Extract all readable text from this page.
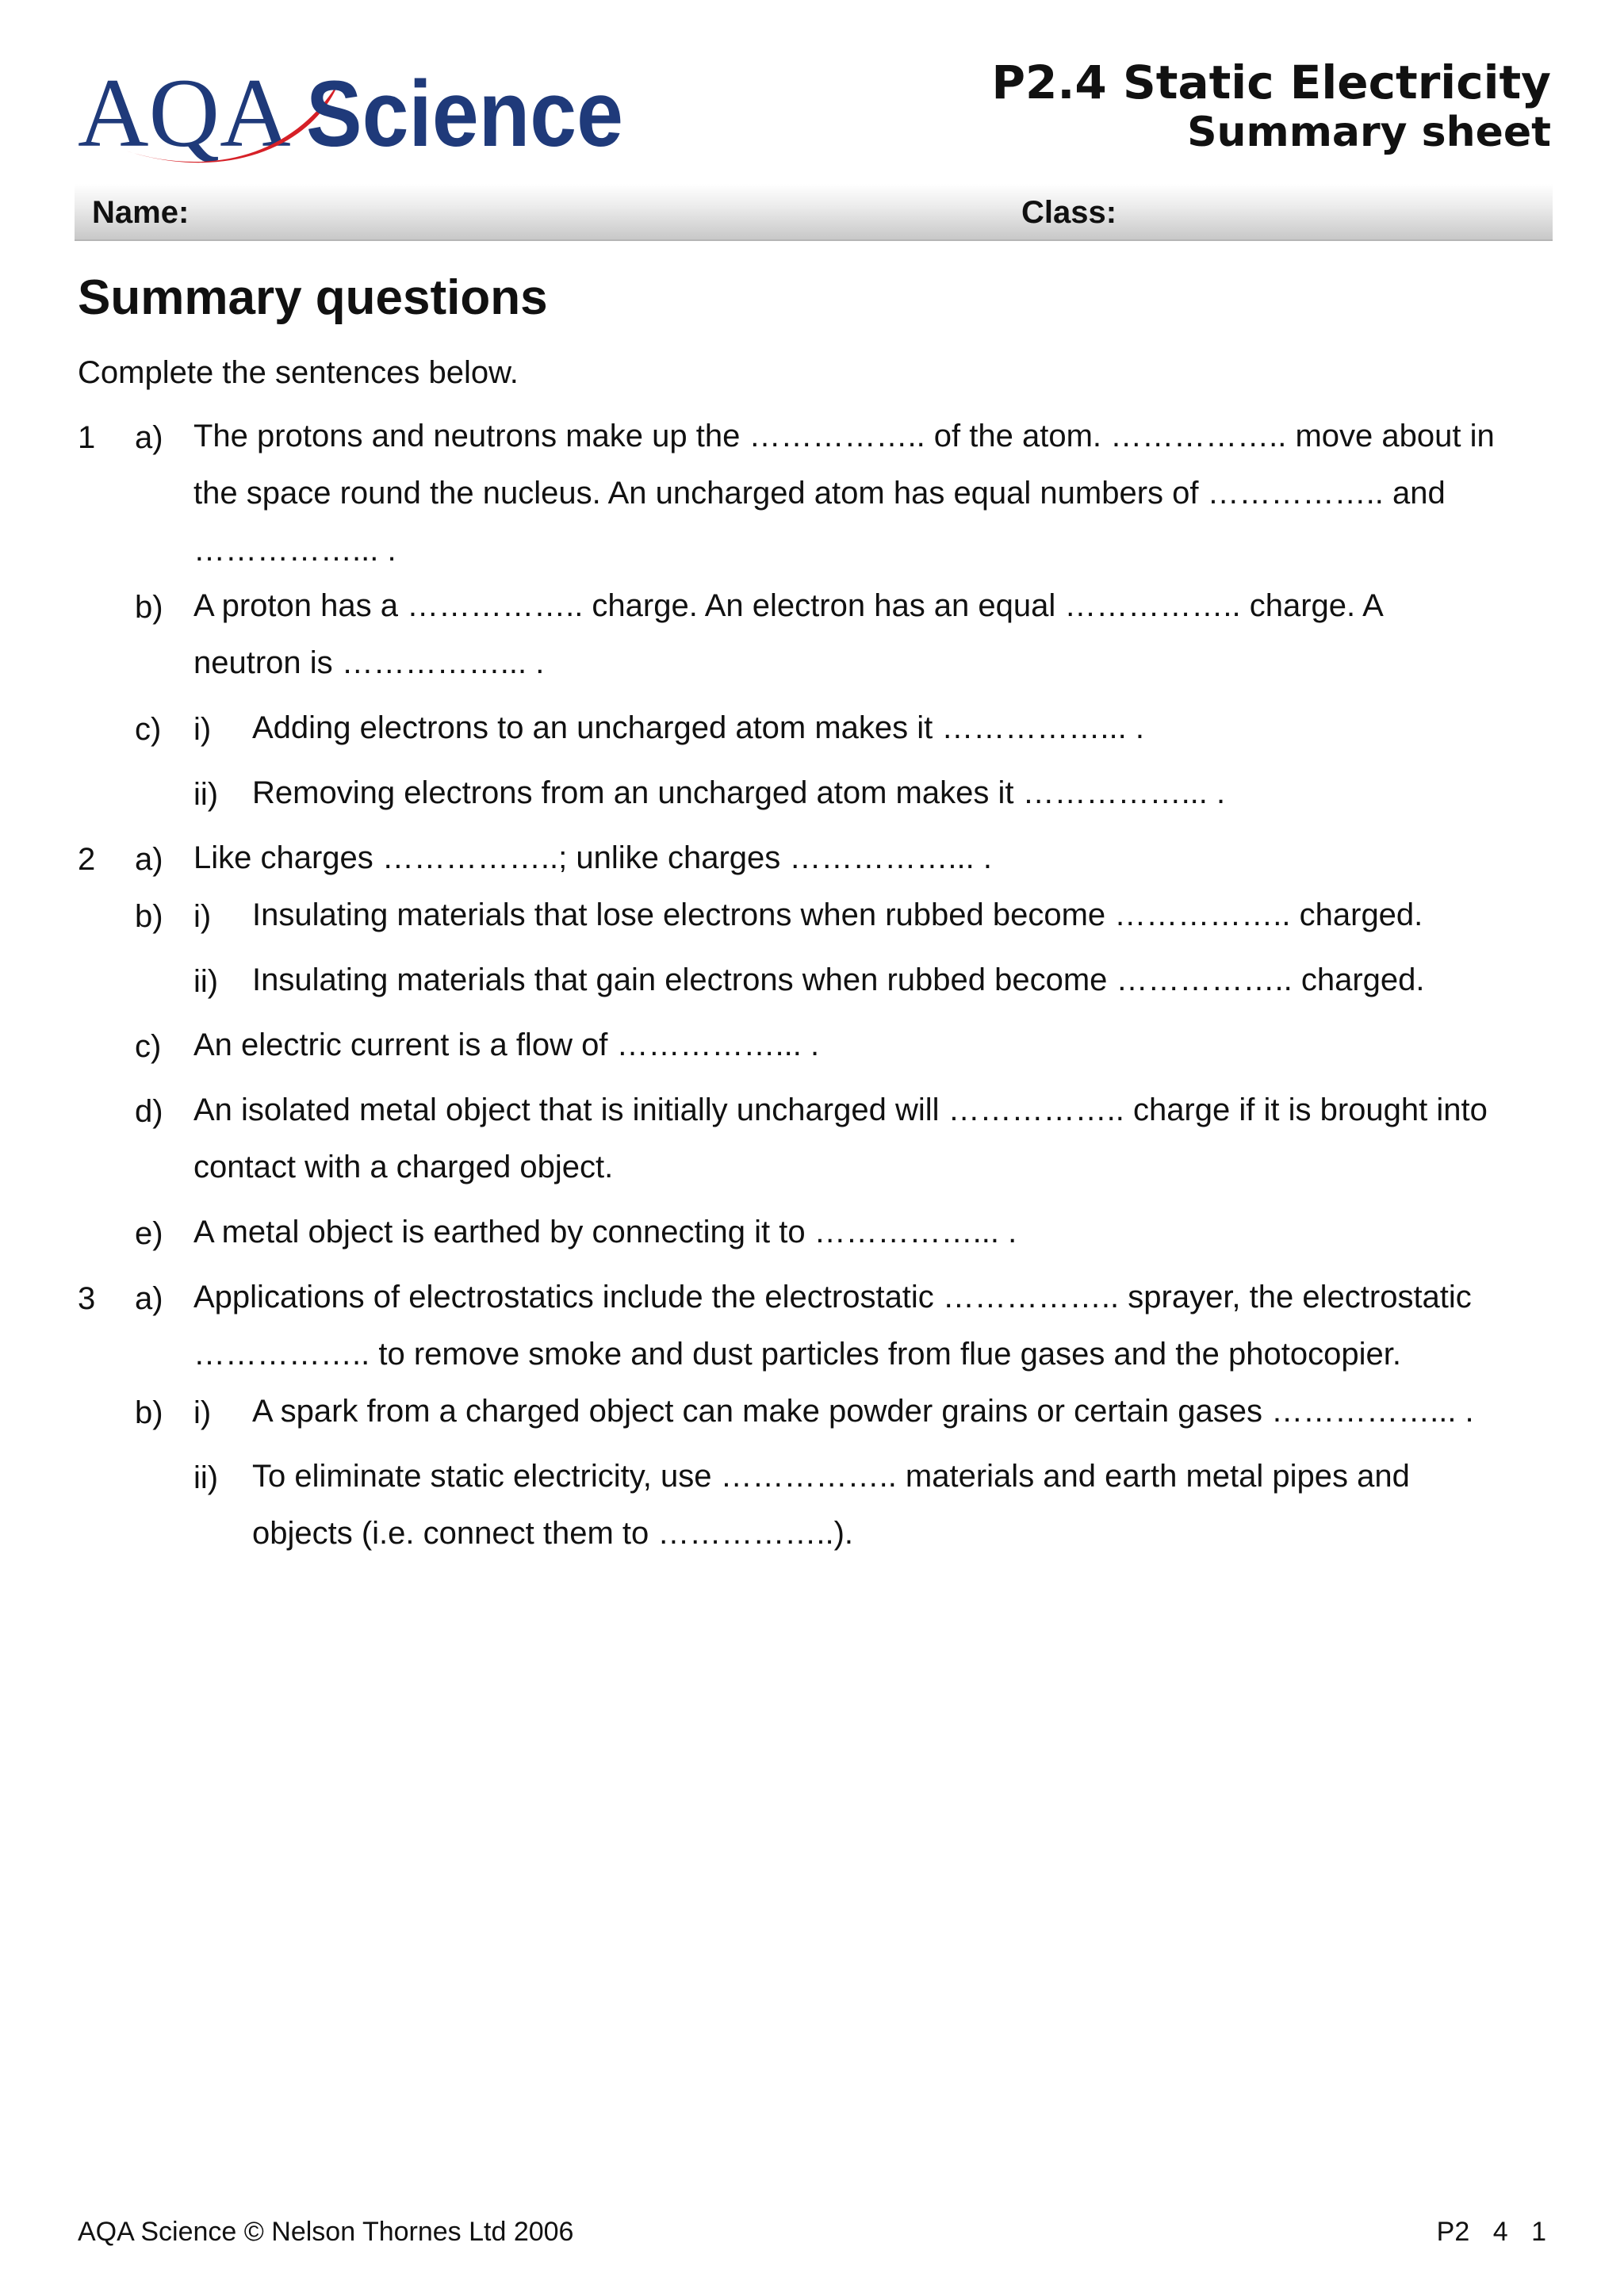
AQA Science	P2.4 Static Electricity
Summary sheet
Name:	Class:
Summary questions
Complete the sentences below.
1 a) The protons and neutrons make up the …………….. of the atom. …………….. move about in
the space round the nucleus. An uncharged atom has equal numbers of …………….. and
……………... .
b) A proton has a …………….. charge. An electron has an equal …………….. charge. A
neutron is ……………... .
c) i) Adding electrons to an uncharged atom makes it ……………... .
ii) Removing electrons from an uncharged atom makes it ……………... .
2 a) Like charges ……………..; unlike charges ……………... .
b) i) Insulating materials that lose electrons when rubbed become …………….. charged.
ii) Insulating materials that gain electrons when rubbed become …………….. charged.
c) An electric current is a flow of ……………... .
d) An isolated metal object that is initially uncharged will …………….. charge if it is brought into
contact with a charged object.
e) A metal object is earthed by connecting it to ……………... .
3 a) Applications of electrostatics include the electrostatic …………….. sprayer, the electrostatic
…………….. to remove smoke and dust particles from flue gases and the photocopier.
b) i) A spark from a charged object can make powder grains or certain gases ……………... .
ii) To eliminate static electricity, use …………….. materials and earth metal pipes and
objects (i.e. connect them to ……………..).
AQA Science © Nelson Thornes Ltd 2006	P2 4 1
